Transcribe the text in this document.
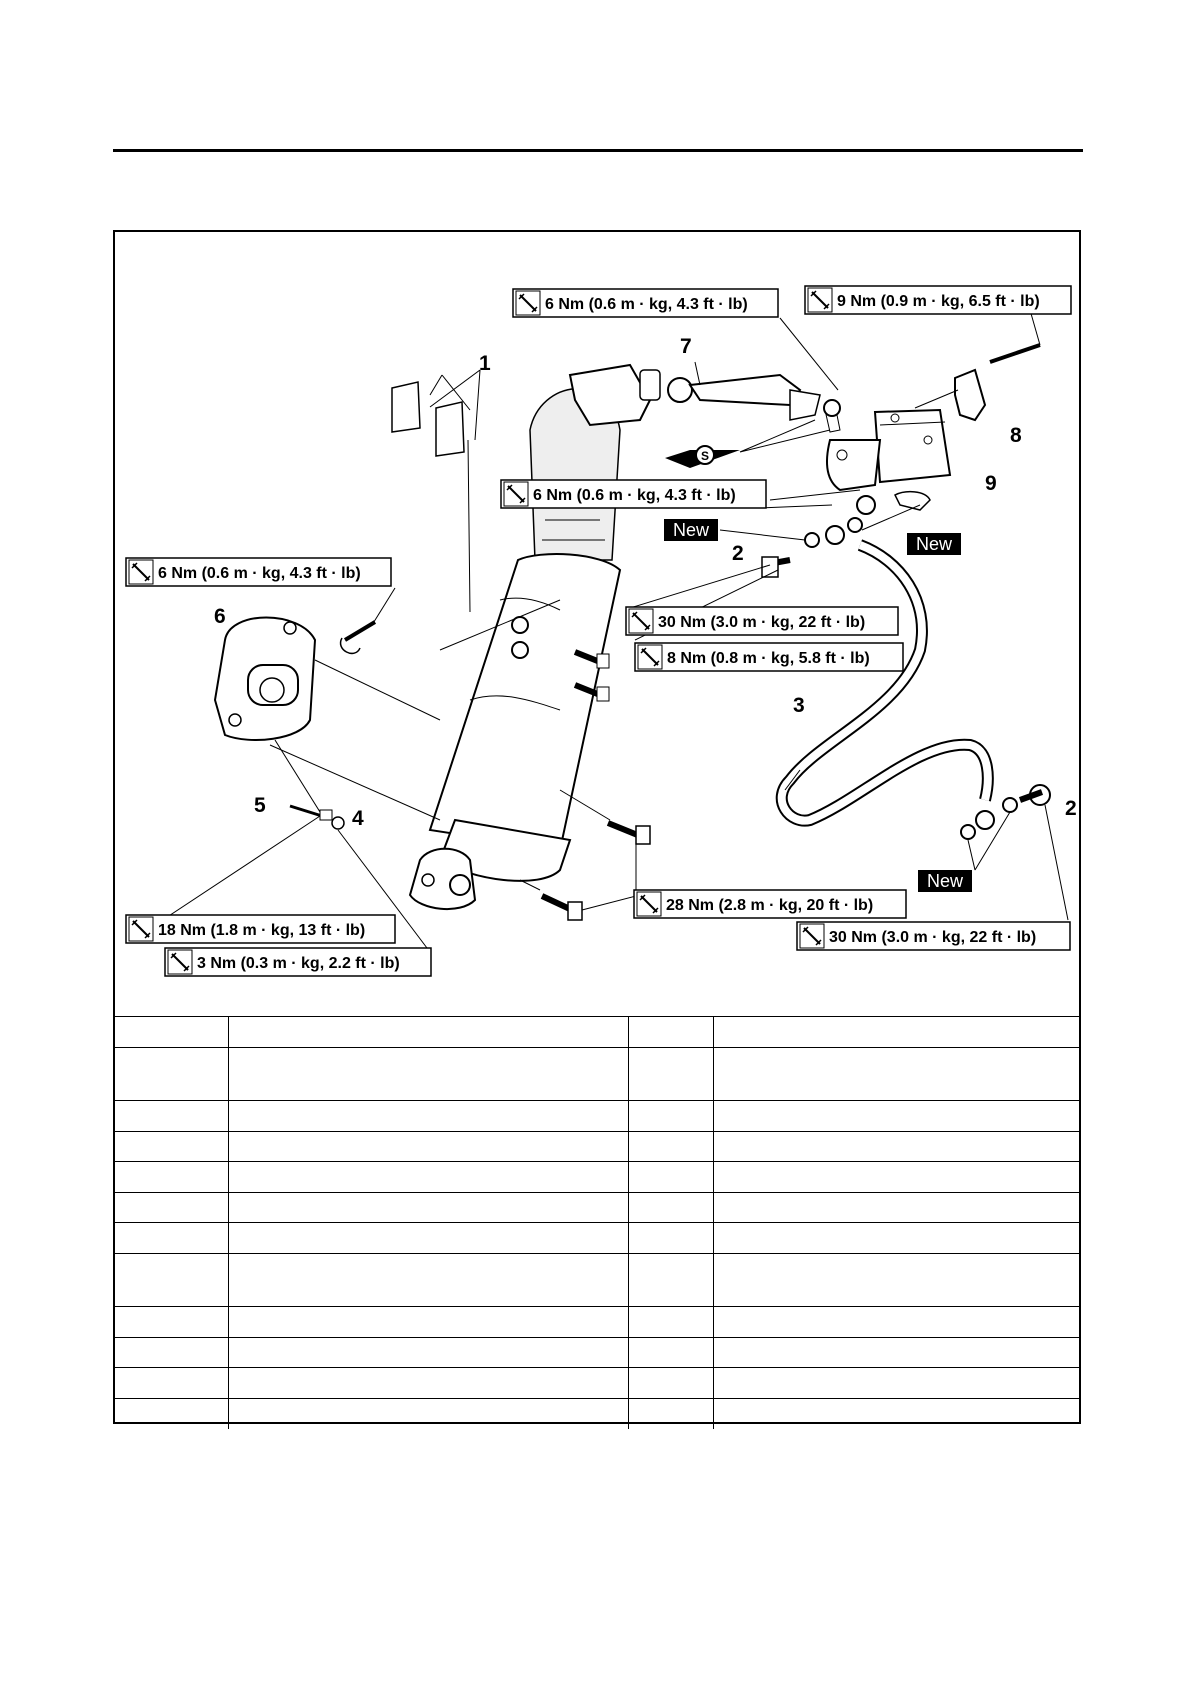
S
1
2
2
3
4
5
6
7
8
9
New
New
New
6 Nm (0.6 m · kg, 4.3 ft · lb)	9 Nm (0.9 m · kg, 6.5 ft · lb)
6 Nm (0.6 m · kg, 4.3 ft · lb)
6 Nm (0.6 m · kg, 4.3 ft · lb)
30 Nm (3.0 m · kg, 22 ft · lb)
8 Nm (0.8 m · kg, 5.8 ft · lb)
28 Nm (2.8 m · kg, 20 ft · lb)
30 Nm (3.0 m · kg, 22 ft · lb)
18 Nm (1.8 m · kg, 13 ft · lb)
3 Nm (0.3 m · kg, 2.2 ft · lb)
